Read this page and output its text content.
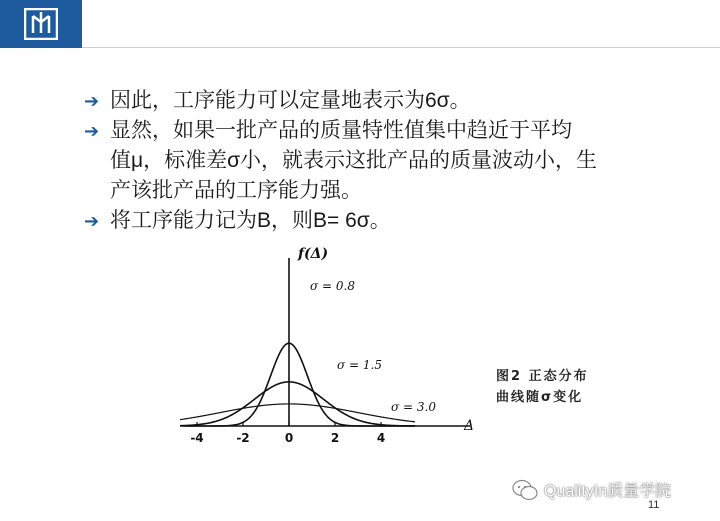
➔ 因此，工序能力可以定量地表示为6σ。
➔ 显然，如果一批产品的质量特性值集中趋近于平均
值μ，标准差σ小，就表示这批产品的质量波动小，生
产该批产品的工序能力强。
➔ 将工序能力记为B，则B= 6σ。
f(Δ)
Δ
σ = 0.8
σ = 1.5
σ = 3.0
-4	-2	0	2	4
图2 正态分布
曲线随σ变化
QualityIn质量学院
11
